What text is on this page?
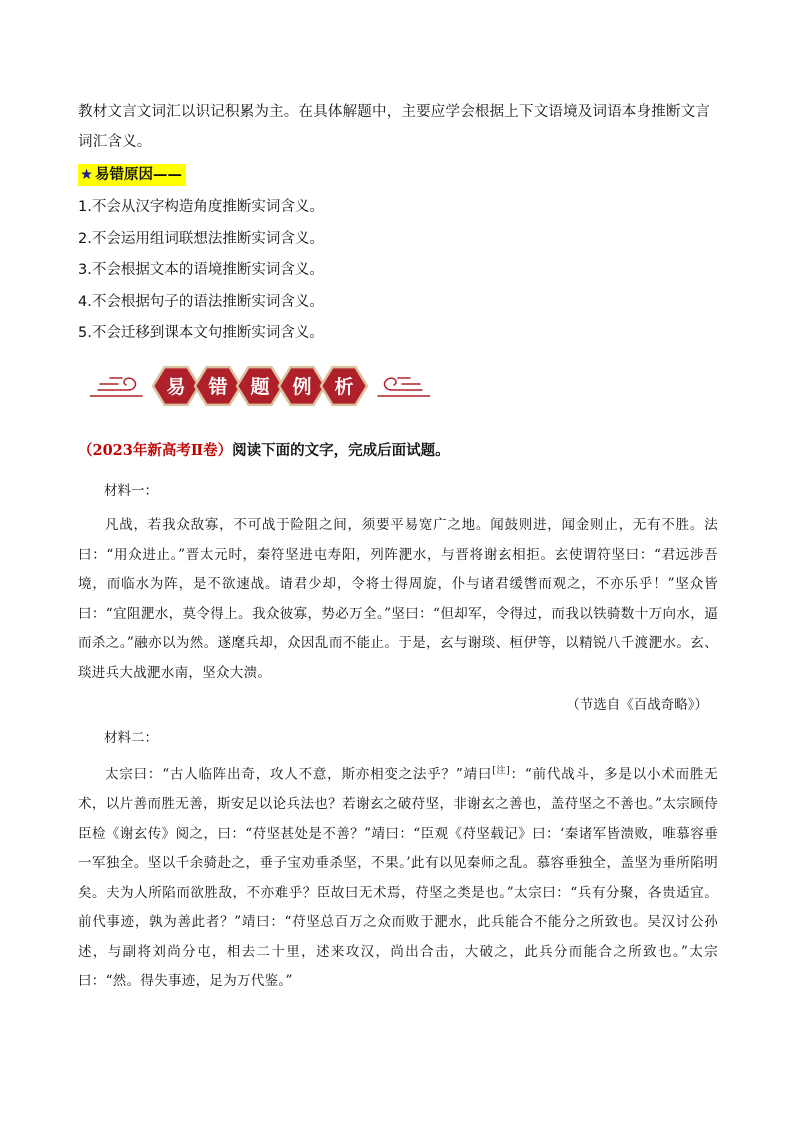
教材文言文词汇以识记积累为主。在具体解题中，主要应学会根据上下文语境及词语本身推断文言词汇含义。
★ 易错原因——
1.不会从汉字构造角度推断实词含义。
2.不会运用组词联想法推断实词含义。
3.不会根据文本的语境推断实词含义。
4.不会根据句子的语法推断实词含义。
5.不会迁移到课本文句推断实词含义。
易 错 题 例 析
（2023年新高考Ⅱ卷）阅读下面的文字，完成后面试题。
材料一：

凡战，若我众敌寡，不可战于险阻之间，须要平易宽广之地。闻鼓则进，闻金则止，无有不胜。法曰：“用众进止。”晋太元时，秦符坚进屯寿阳，列阵淝水，与晋将谢玄相拒。玄使谓符坚曰：“君远涉吾境，而临水为阵，是不欲速战。请君少却，令将士得周旋，仆与诸君缓辔而观之，不亦乐乎！”坚众皆曰：“宜阻淝水，莫令得上。我众彼寡，势必万全。”坚曰：“但却军，令得过，而我以铁骑数十万向水，逼而杀之。”融亦以为然。遂麾兵却，众因乱而不能止。于是，玄与谢琰、桓伊等，以精锐八千渡淝水。玄、琰进兵大战淝水南，坚众大溃。

（节选自《百战奇略》）
材料二：

太宗曰：“古人临阵出奇，攻人不意，斯亦相变之法乎？”靖曰[注]：“前代战斗，多是以小术而胜无术，以片善而胜无善，斯安足以论兵法也？若谢玄之破苻坚，非谢玄之善也，盖苻坚之不善也。”太宗顾侍臣检《谢玄传》阅之，曰：“苻坚甚处是不善？”靖曰：“臣观《苻坚载记》曰：‘秦诸军皆溃败，唯慕容垂一军独全。坚以千余骑赴之，垂子宝劝垂杀坚，不果。’此有以见秦师之乱。慕容垂独全，盖坚为垂所陷明矣。夫为人所陷而欲胜敌，不亦难乎？臣故曰无术焉，苻坚之类是也。”太宗曰：“兵有分聚，各贵适宜。前代事迹，孰为善此者？”靖曰：“苻坚总百万之众而败于淝水，此兵能合不能分之所致也。吴汉讨公孙述，与副将刘尚分屯，相去二十里，述来攻汉，尚出合击，大破之，此兵分而能合之所致也。”太宗曰：“然。得失事迹，足为万代鉴。”
